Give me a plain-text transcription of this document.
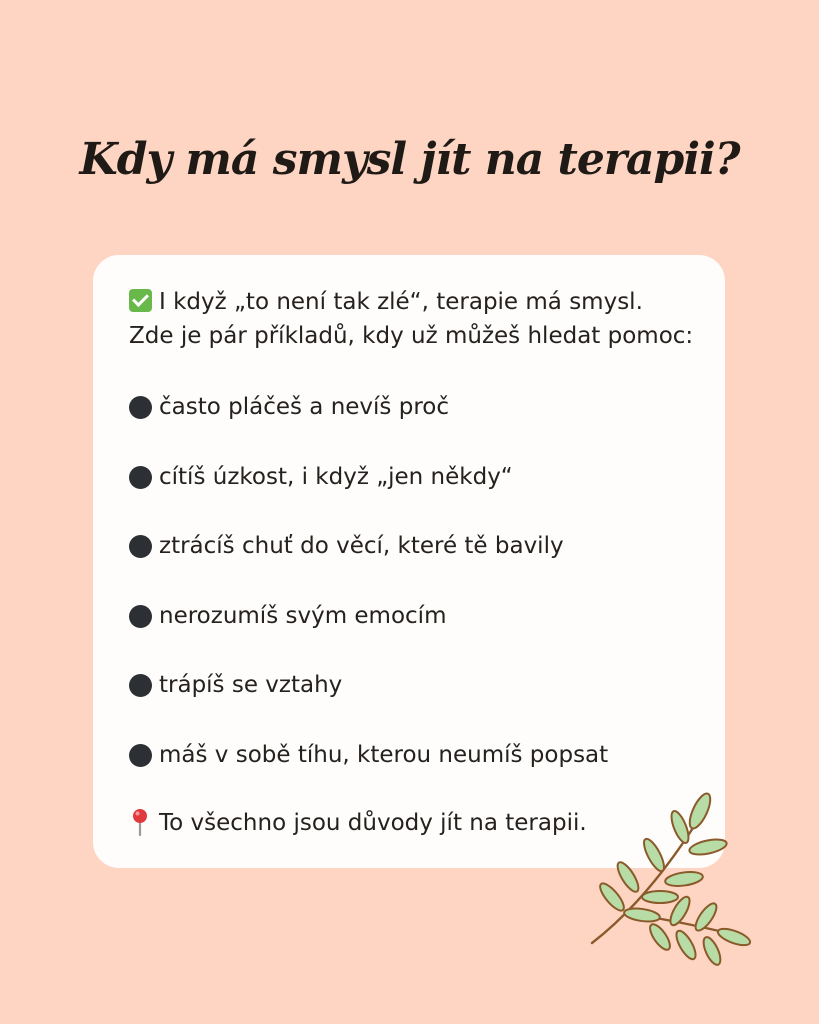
Kdy má smysl jít na terapii?
I když „to není tak zlé“, terapie má smysl.
Zde je pár příkladů, kdy už můžeš hledat pomoc:
často pláčeš a nevíš proč
cítíš úzkost, i když „jen někdy“
ztrácíš chuť do věcí, které tě bavily
nerozumíš svým emocím
trápíš se vztahy
máš v sobě tíhu, kterou neumíš popsat
To všechno jsou důvody jít na terapii.
